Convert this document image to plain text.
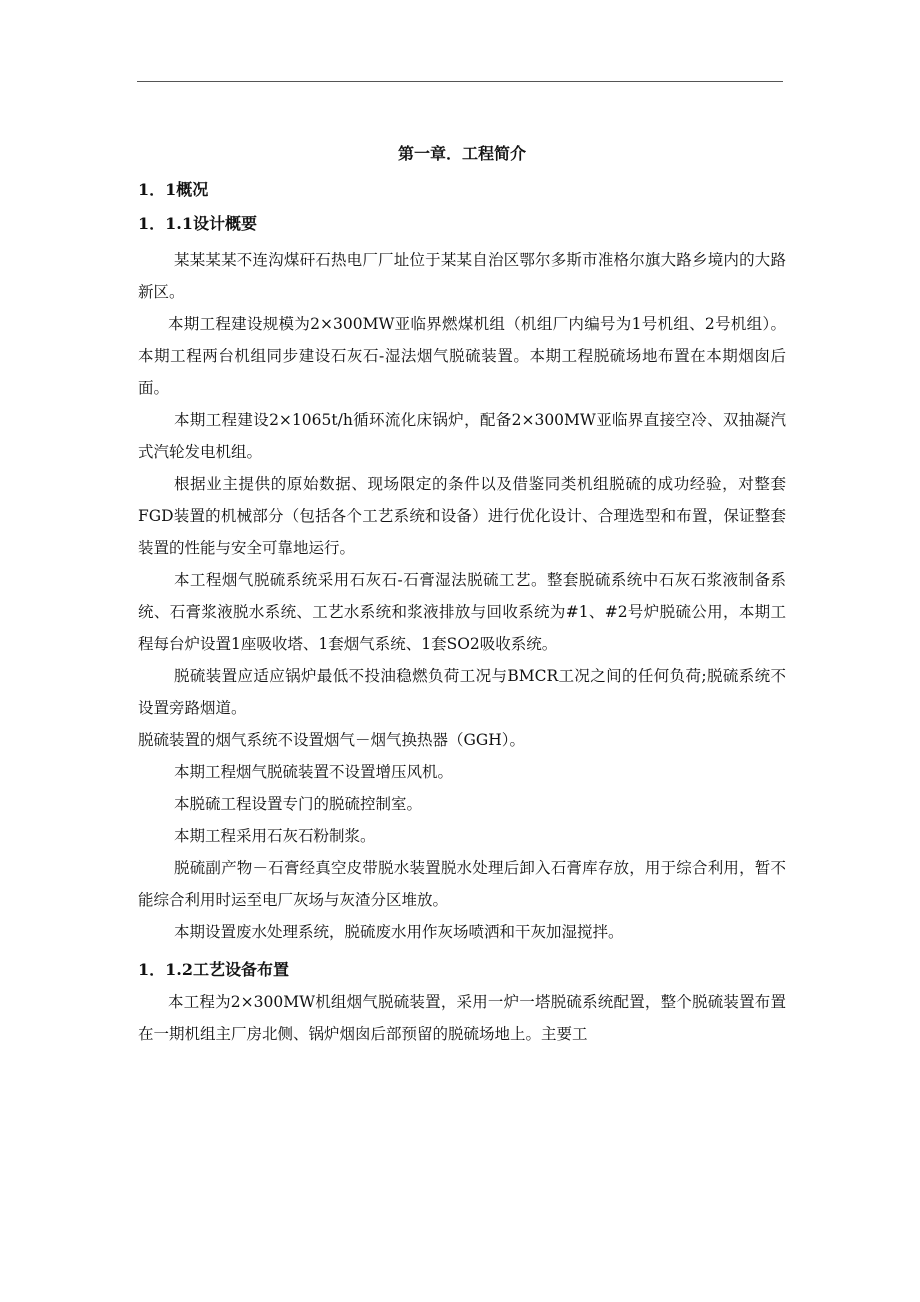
第一章．工程简介
1．1概况
1．1.1设计概要

某某某某不连沟煤矸石热电厂厂址位于某某自治区鄂尔多斯市准格尔旗大路乡境内的大路新区。

本期工程建设规模为2×300MW亚临界燃煤机组（机组厂内编号为1号机组、2号机组）。本期工程两台机组同步建设石灰石-湿法烟气脱硫装置。本期工程脱硫场地布置在本期烟囱后面。

本期工程建设2×1065t/h循环流化床锅炉，配备2×300MW亚临界直接空冷、双抽凝汽式汽轮发电机组。

根据业主提供的原始数据、现场限定的条件以及借鉴同类机组脱硫的成功经验，对整套FGD装置的机械部分（包括各个工艺系统和设备）进行优化设计、合理选型和布置，保证整套装置的性能与安全可靠地运行。

本工程烟气脱硫系统采用石灰石-石膏湿法脱硫工艺。整套脱硫系统中石灰石浆液制备系统、石膏浆液脱水系统、工艺水系统和浆液排放与回收系统为#1、#2号炉脱硫公用，本期工程每台炉设置1座吸收塔、1套烟气系统、1套SO2吸收系统。

脱硫装置应适应锅炉最低不投油稳燃负荷工况与BMCR工况之间的任何负荷;脱硫系统不设置旁路烟道。

脱硫装置的烟气系统不设置烟气－烟气换热器（GGH）。

本期工程烟气脱硫装置不设置增压风机。

本脱硫工程设置专门的脱硫控制室。

本期工程采用石灰石粉制浆。

脱硫副产物－石膏经真空皮带脱水装置脱水处理后卸入石膏库存放，用于综合利用，暂不能综合利用时运至电厂灰场与灰渣分区堆放。

本期设置废水处理系统，脱硫废水用作灰场喷洒和干灰加湿搅拌。

1．1.2工艺设备布置

本工程为2×300MW机组烟气脱硫装置，采用一炉一塔脱硫系统配置，整个脱硫装置布置在一期机组主厂房北侧、锅炉烟囱后部预留的脱硫场地上。主要工
